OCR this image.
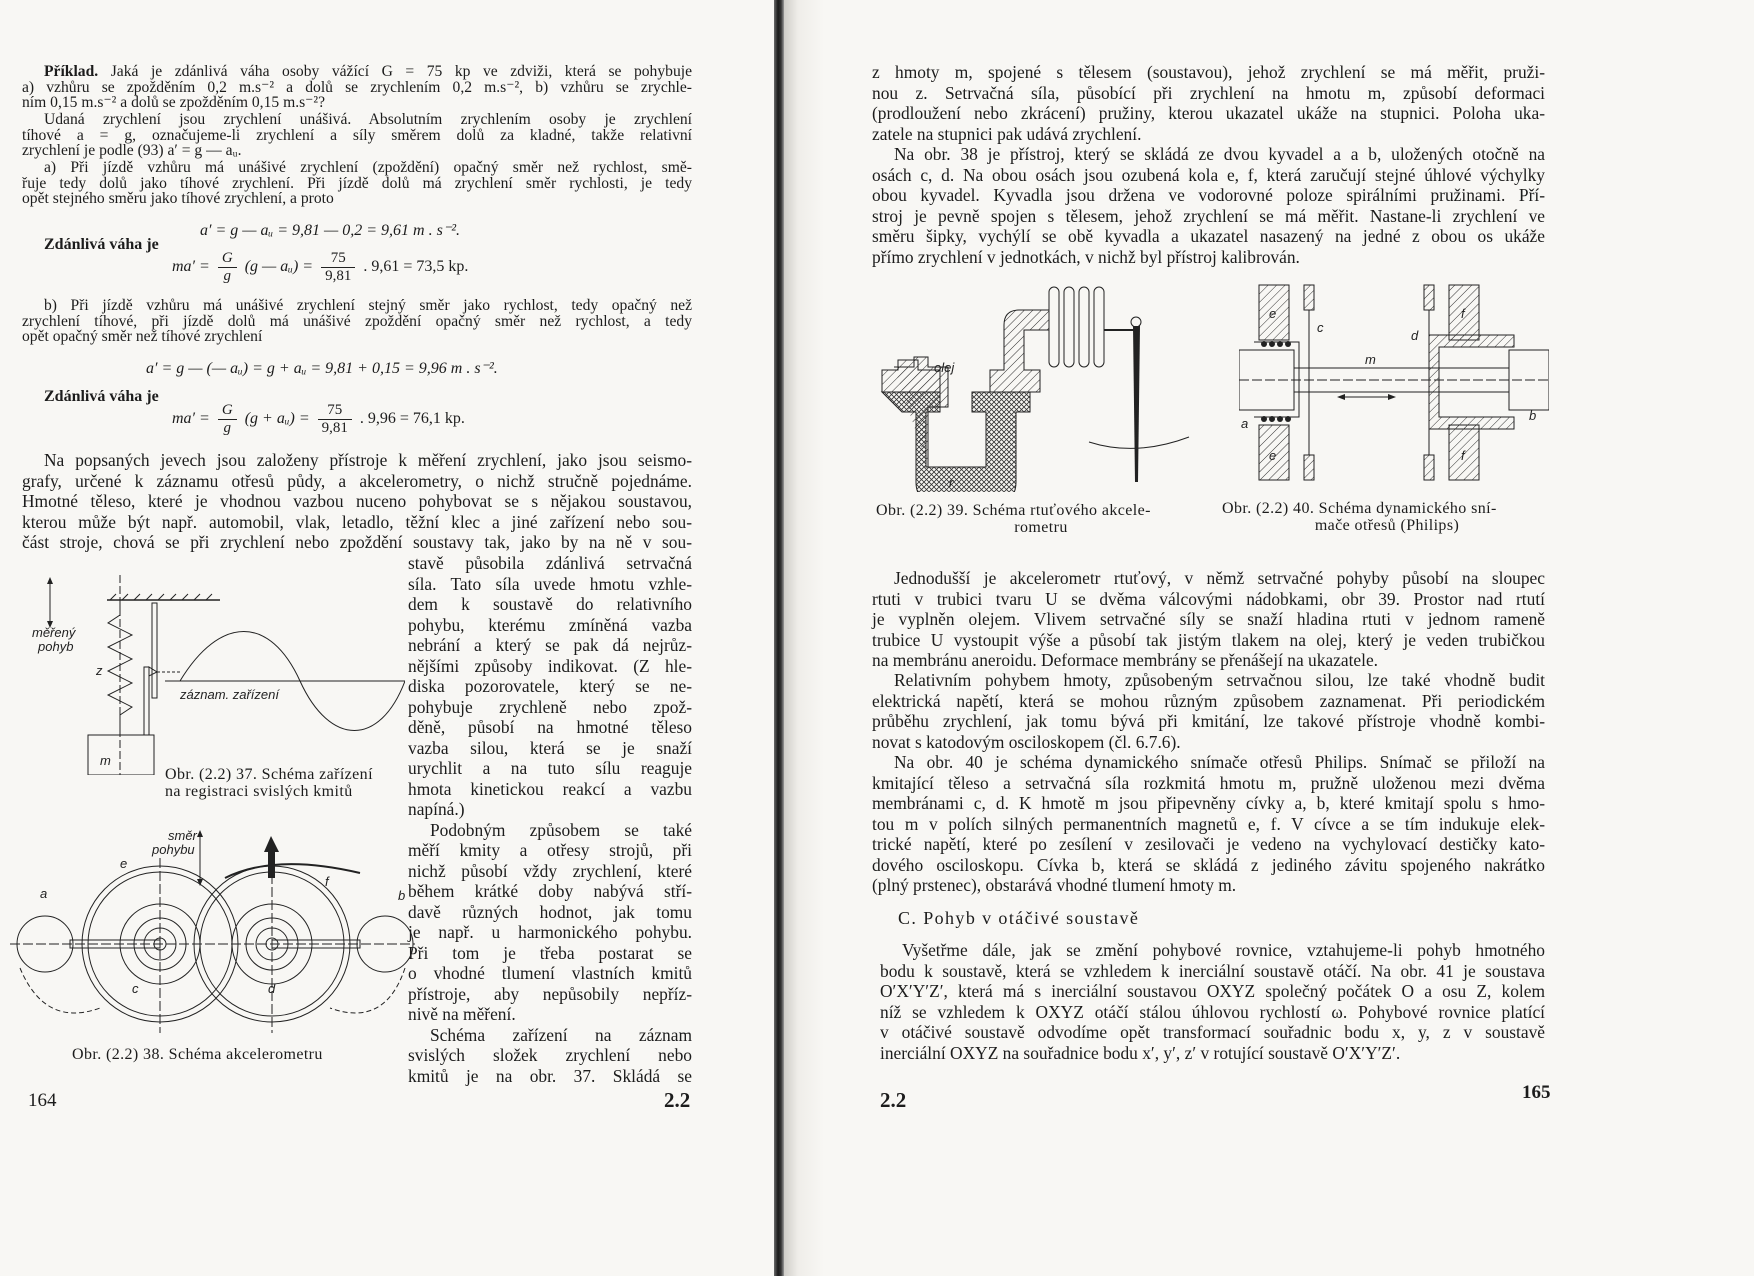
Příklad. Jaká je zdánlivá váha osoby vážící G = 75 kp ve zdviži, která se pohybuje
a) vzhůru se zpožděním 0,2 m.s⁻² a dolů se zrychlením 0,2 m.s⁻², b) vzhůru se zrychle-
ním 0,15 m.s⁻² a dolů se zpožděním 0,15 m.s⁻²?
Udaná zrychlení jsou zrychlení unášivá. Absolutním zrychlením osoby je zrychlení
tíhové a = g, označujeme-li zrychlení a síly směrem dolů za kladné, takže relativní
zrychlení je podle (93) a′ = g — aᵤ.
a) Při jízdě vzhůru má unášivé zrychlení (zpoždění) opačný směr než rychlost, smě-
řuje tedy dolů jako tíhové zrychlení. Při jízdě dolů má zrychlení směr rychlosti, je tedy
opět stejného směru jako tíhové zrychlení, a proto
a′ = g — aᵤ = 9,81 — 0,2 = 9,61 m . s⁻².
Zdánlivá váha je
$ma' = \frac{G}{g} (g$ — aᵤ) = $\frac{75}{9,81}$ . 9,61 = 73,5 kp.
b) Při jízdě vzhůru má unášivé zrychlení stejný směr jako rychlost, tedy opačný než
zrychlení tíhové, při jízdě dolů má unášivé zpoždění opačný směr než rychlost, a tedy
opět opačný směr než tíhové zrychlení
a′ = g — (— aᵤ) = g + aᵤ = 9,81 + 0,15 = 9,96 m . s⁻².
Zdánlivá váha je
$ma' = \frac{G}{g} (g$ + aᵤ) = $\frac{75}{9,81}$ . 9,96 = 76,1 kp.
Na popsaných jevech jsou založeny přístroje k měření zrychlení, jako jsou seismo-
grafy, určené k záznamu otřesů půdy, a akcelerometry, o nichž stručně pojednáme.
Hmotné těleso, které je vhodnou vazbou nuceno pohybovat se s nějakou soustavou,
kterou může být např. automobil, vlak, letadlo, těžní klec a jiné zařízení nebo sou-
část stroje, chová se při zrychlení nebo zpoždění soustavy tak, jako by na ně v sou-
stavě působila zdánlivá setrvačná
síla. Tato síla uvede hmotu vzhle-
dem k soustavě do relativního
pohybu, kterému zmíněná vazba
nebrání a který se pak dá nejrůz-
nějšími způsoby indikovat. (Z hle-
diska pozorovatele, který se ne-
pohybuje zrychleně nebo zpož-
děně, působí na hmotné těleso
vazba silou, která se je snaží
urychlit a na tuto sílu reaguje
hmota kinetickou reakcí a vazbu
napíná.)
Podobným způsobem se také
měří kmity a otřesy strojů, při
nichž působí vždy zrychlení, které
během krátké doby nabývá stří-
davě různých hodnot, jak tomu
je např. u harmonického pohybu.
Při tom je třeba postarat se
o vhodné tlumení vlastních kmitů
přístroje, aby nepůsobily nepříz-
nivě na měření.
Schéma zařízení na záznam
svislých složek zrychlení nebo
kmitů je na obr. 37. Skládá se
měřený
pohyb
z
záznam. zařízení
m
Obr. (2.2) 37. Schéma zařízení
na registraci svislých kmitů
směr
pohybu
a	b
c	d
e
f
Obr. (2.2) 38. Schéma akcelerometru
164	2.2
z hmoty m, spojené s tělesem (soustavou), jehož zrychlení se má měřit, pruži-
nou z. Setrvačná síla, působící při zrychlení na hmotu m, způsobí deformaci
(prodloužení nebo zkrácení) pružiny, kterou ukazatel ukáže na stupnici. Poloha uka-
zatele na stupnici pak udává zrychlení.
Na obr. 38 je přístroj, který se skládá ze dvou kyvadel a a b, uložených otočně na
osách c, d. Na obou osách jsou ozubená kola e, f, která zaručují stejné úhlové výchylky
obou kyvadel. Kyvadla jsou držena ve vodorovné poloze spirálními pružinami. Pří-
stroj je pevně spojen s tělesem, jehož zrychlení se má měřit. Nastane-li zrychlení ve
směru šipky, vychýlí se obě kyvadla a ukazatel nasazený na jedné z obou os ukáže
přímo zrychlení v jednotkách, v nichž byl přístroj kalibrován.
olej
r
Obr. (2.2) 39. Schéma rtuťového akcele-
rometru
e
e
f
f
c
d
m
a
b
Obr. (2.2) 40. Schéma dynamického sní-
mače otřesů (Philips)
Jednodušší je akcelerometr rtuťový, v němž setrvačné pohyby působí na sloupec
rtuti v trubici tvaru U se dvěma válcovými nádobkami, obr 39. Prostor nad rtutí
je vyplněn olejem. Vlivem setrvačné síly se snaží hladina rtuti v jednom rameně
trubice U vystoupit výše a působí tak jistým tlakem na olej, který je veden trubičkou
na membránu aneroidu. Deformace membrány se přenášejí na ukazatele.
Relativním pohybem hmoty, způsobeným setrvačnou silou, lze také vhodně budit
elektrická napětí, která se mohou různým způsobem zaznamenat. Při periodickém
průběhu zrychlení, jak tomu bývá při kmitání, lze takové přístroje vhodně kombi-
novat s katodovým osciloskopem (čl. 6.7.6).
Na obr. 40 je schéma dynamického snímače otřesů Philips. Snímač se přiloží na
kmitající těleso a setrvačná síla rozkmitá hmotu m, pružně uloženou mezi dvěma
membránami c, d. K hmotě m jsou připevněny cívky a, b, které kmitají spolu s hmo-
tou m v polích silných permanentních magnetů e, f. V cívce a se tím indukuje elek-
trické napětí, které po zesílení v zesilovači je vedeno na vychylovací destičky kato-
dového osciloskopu. Cívka b, která se skládá z jediného závitu spojeného nakrátko
(plný prstenec), obstarává vhodné tlumení hmoty m.
C. Pohyb v otáčivé soustavě
Vyšetřme dále, jak se změní pohybové rovnice, vztahujeme-li pohyb hmotného
bodu k soustavě, která se vzhledem k inerciální soustavě otáčí. Na obr. 41 je soustava
O′X′Y′Z′, která má s inerciální soustavou OXYZ společný počátek O a osu Z, kolem
níž se vzhledem k OXYZ otáčí stálou úhlovou rychlostí ω. Pohybové rovnice platící
v otáčivé soustavě odvodíme opět transformací souřadnic bodu x, y, z v soustavě
inerciální OXYZ na souřadnice bodu x′, y′, z′ v rotující soustavě O′X′Y′Z′.
2.2	165
